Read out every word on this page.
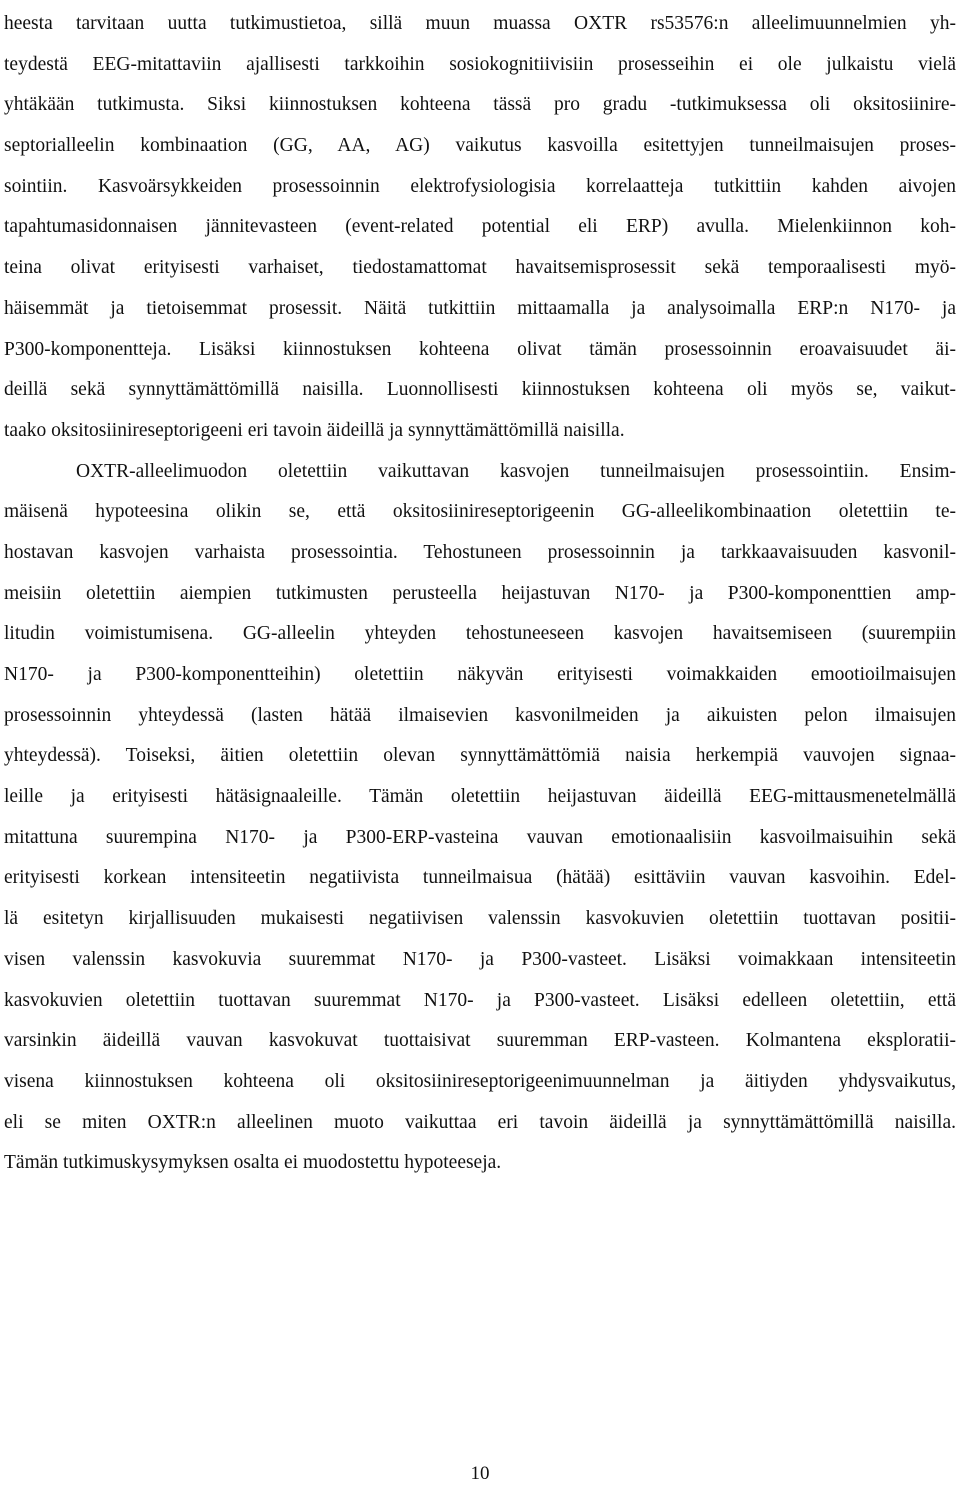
heesta tarvitaan uutta tutkimustietoa, sillä muun muassa OXTR rs53576:n alleelimuunnelmien yh-
teydestä EEG-mitattaviin ajallisesti tarkkoihin sosiokognitiivisiin prosesseihin ei ole julkaistu vielä
yhtäkään tutkimusta. Siksi kiinnostuksen kohteena tässä pro gradu -tutkimuksessa oli oksitosiinire-
septorialleelin kombinaation (GG, AA, AG) vaikutus kasvoilla esitettyjen tunneilmaisujen proses-
sointiin. Kasvoärsykkeiden prosessoinnin elektrofysiologisia korrelaatteja tutkittiin kahden aivojen
tapahtumasidonnaisen jännitevasteen (event-related potential eli ERP) avulla. Mielenkiinnon koh-
teina olivat erityisesti varhaiset, tiedostamattomat havaitsemisprosessit sekä temporaalisesti myö-
häisemmät ja tietoisemmat prosessit. Näitä tutkittiin mittaamalla ja analysoimalla ERP:n N170- ja
P300-komponentteja. Lisäksi kiinnostuksen kohteena olivat tämän prosessoinnin eroavaisuudet äi-
deillä sekä synnyttämättömillä naisilla. Luonnollisesti kiinnostuksen kohteena oli myös se, vaikut-
taako oksitosiinireseptorigeeni eri tavoin äideillä ja synnyttämättömillä naisilla.
OXTR-alleelimuodon oletettiin vaikuttavan kasvojen tunneilmaisujen prosessointiin. Ensim-
mäisenä hypoteesina olikin se, että oksitosiinireseptorigeenin GG-alleelikombinaation oletettiin te-
hostavan kasvojen varhaista prosessointia. Tehostuneen prosessoinnin ja tarkkaavaisuuden kasvonil-
meisiin oletettiin aiempien tutkimusten perusteella heijastuvan N170- ja P300-komponenttien amp-
litudin voimistumisena. GG-alleelin yhteyden tehostuneeseen kasvojen havaitsemiseen (suurempiin
N170- ja P300-komponentteihin) oletettiin näkyvän erityisesti voimakkaiden emootioilmaisujen
prosessoinnin yhteydessä (lasten hätää ilmaisevien kasvonilmeiden ja aikuisten pelon ilmaisujen
yhteydessä). Toiseksi, äitien oletettiin olevan synnyttämättömiä naisia herkempiä vauvojen signaa-
leille ja erityisesti hätäsignaaleille. Tämän oletettiin heijastuvan äideillä EEG-mittausmenetelmällä
mitattuna suurempina N170- ja P300-ERP-vasteina vauvan emotionaalisiin kasvoilmaisuihin sekä
erityisesti korkean intensiteetin negatiivista tunneilmaisua (hätää) esittäviin vauvan kasvoihin. Edel-
lä esitetyn kirjallisuuden mukaisesti negatiivisen valenssin kasvokuvien oletettiin tuottavan positii-
visen valenssin kasvokuvia suuremmat N170- ja P300-vasteet. Lisäksi voimakkaan intensiteetin
kasvokuvien oletettiin tuottavan suuremmat N170- ja P300-vasteet. Lisäksi edelleen oletettiin, että
varsinkin äideillä vauvan kasvokuvat tuottaisivat suuremman ERP-vasteen. Kolmantena eksploratii-
visena kiinnostuksen kohteena oli oksitosiinireseptorigeenimuunnelman ja äitiyden yhdysvaikutus,
eli se miten OXTR:n alleelinen muoto vaikuttaa eri tavoin äideillä ja synnyttämättömillä naisilla.
Tämän tutkimuskysymyksen osalta ei muodostettu hypoteeseja.
10
